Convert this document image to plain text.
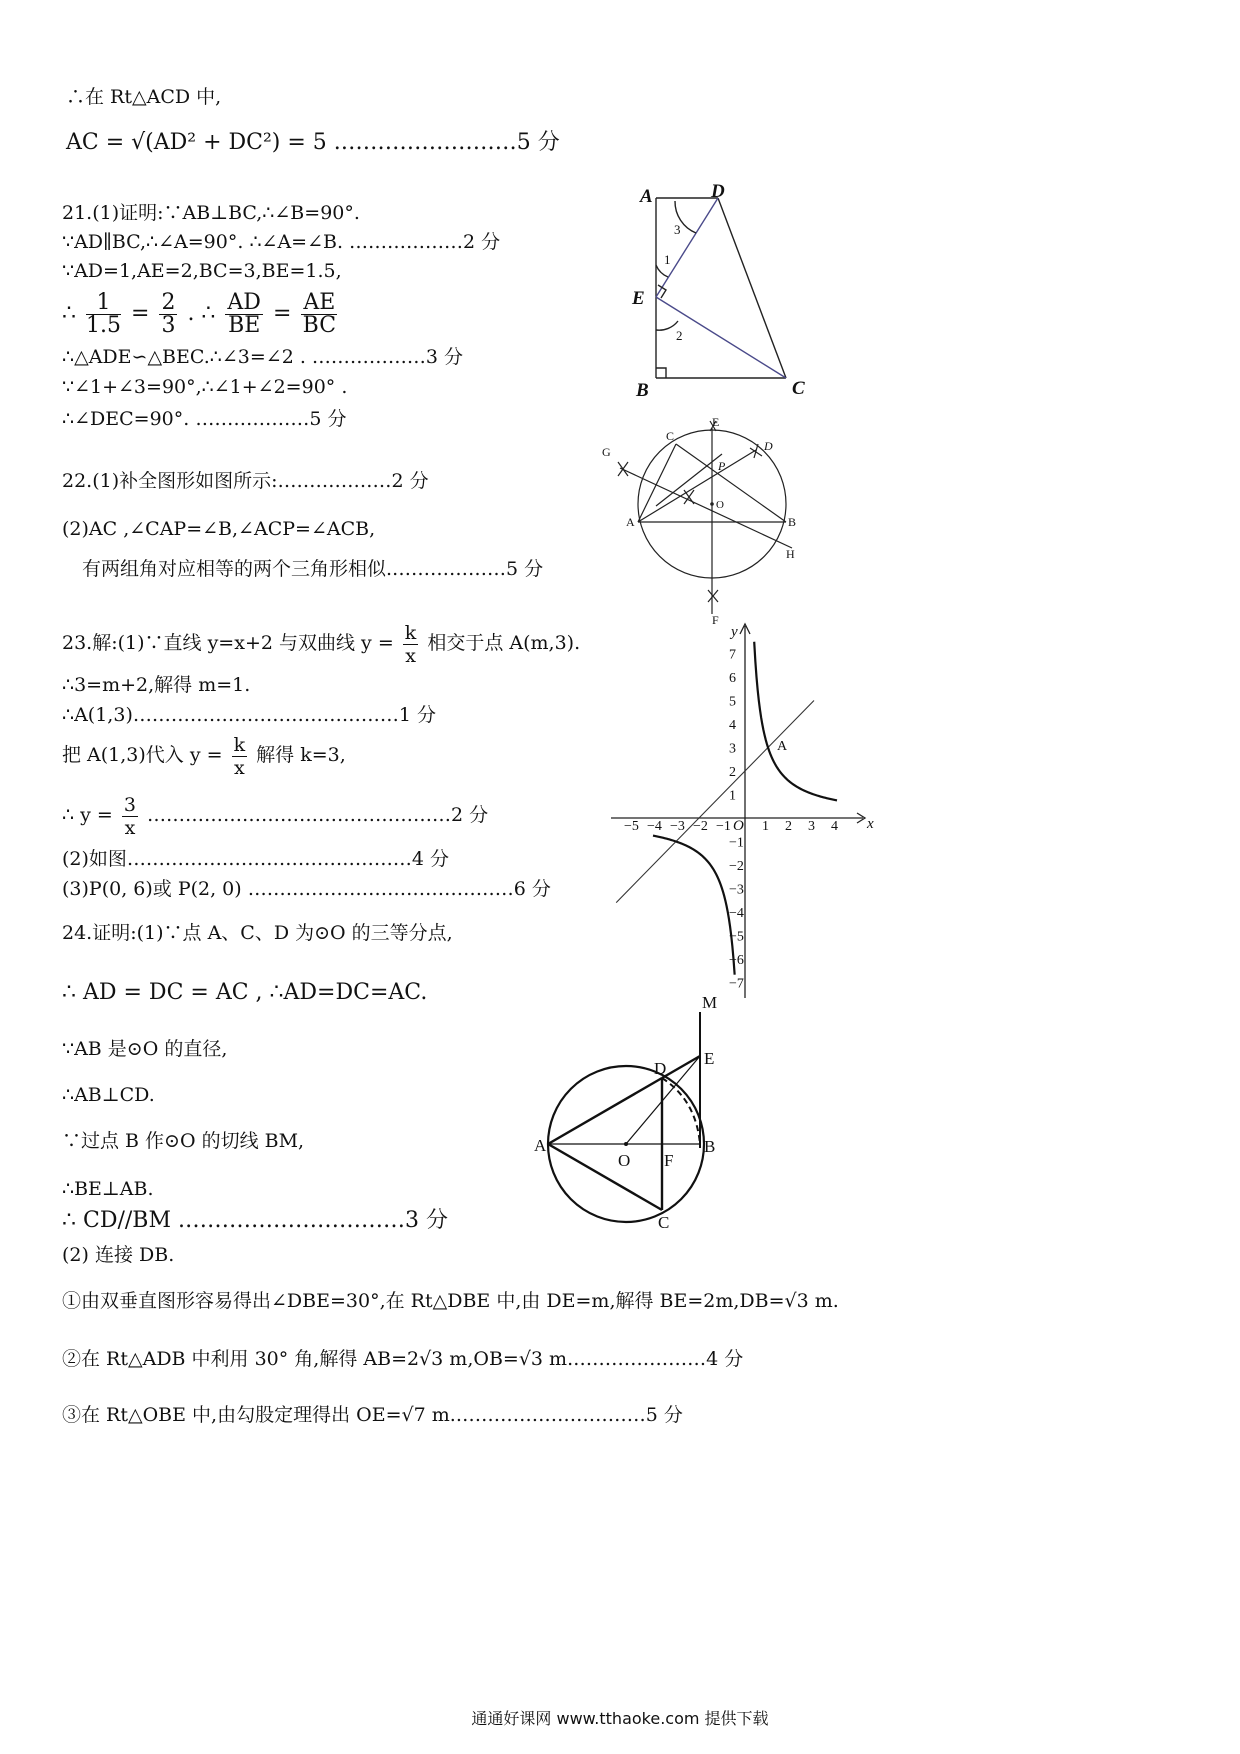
∴在 Rt△ACD 中,
AC = √(AD² + DC²) = 5 .……………………5 分
21.(1)证明:∵AB⊥BC,∴∠B=90°.
∵AD∥BC,∴∠A=90°. ∴∠A=∠B. ………………2 分
∵AD=1,AE=2,BC=3,BE=1.5,
∴ $\frac{1}{1.5} = \frac{2}{3}$ . ∴ $\frac{AD}{BE} = \frac{AE}{BC}$
∴△ADE∽△BEC.∴∠3=∠2 . ………………3 分
∵∠1+∠3=90°,∴∠1+∠2=90° .
∴∠DEC=90°. ………………5 分
22.(1)补全图形如图所示:………………2 分
(2)AC ,∠CAP=∠B,∠ACP=∠ACB,
有两组角对应相等的两个三角形相似.………………5 分
23.解:(1)∵直线 y=x+2 与双曲线 $y = \frac{k}{x}$ 相交于点 A(m,3).
∴3=m+2,解得 m=1.
∴A(1,3)……………………………………1 分
把 A(1,3)代入 $y = \frac{k}{x}$ 解得 k=3,
∴ $y = \frac{3}{x}$ …………………………………………2 分
(2)如图………………………………………4 分
(3)P(0, 6)或 P(2, 0) ……………………………………6 分
24.证明:(1)∵点 A、C、D 为⊙O 的三等分点,
∴ AD = DC = AC , ∴AD=DC=AC.
∵AB 是⊙O 的直径,
∴AB⊥CD.
∵过点 B 作⊙O 的切线 BM,
∴BE⊥AB.
∴ CD//BM .…………………………3 分
(2) 连接 DB.
①由双垂直图形容易得出∠DBE=30°,在 Rt△DBE 中,由 DE=m,解得 BE=2m,DB=√3 m.
②在 Rt△ADB 中利用 30° 角,解得 AB=2√3 m,OB=√3 m.…………………4 分
③在 Rt△OBE 中,由勾股定理得出 OE=√7 m.…………………………5 分
A	D
E
B	C
1
2
3
C
E
D
G
P
O
A	B
H
F
−5 −4 −3 −2 −1 1 2 3 4
7
6
5
4
3
2
1
−1
−2
−3
−4
−5
−6
−7
x
y
O
A
M
E
D
A
O F
B
C
通通好课网 www.tthaoke.com 提供下载
